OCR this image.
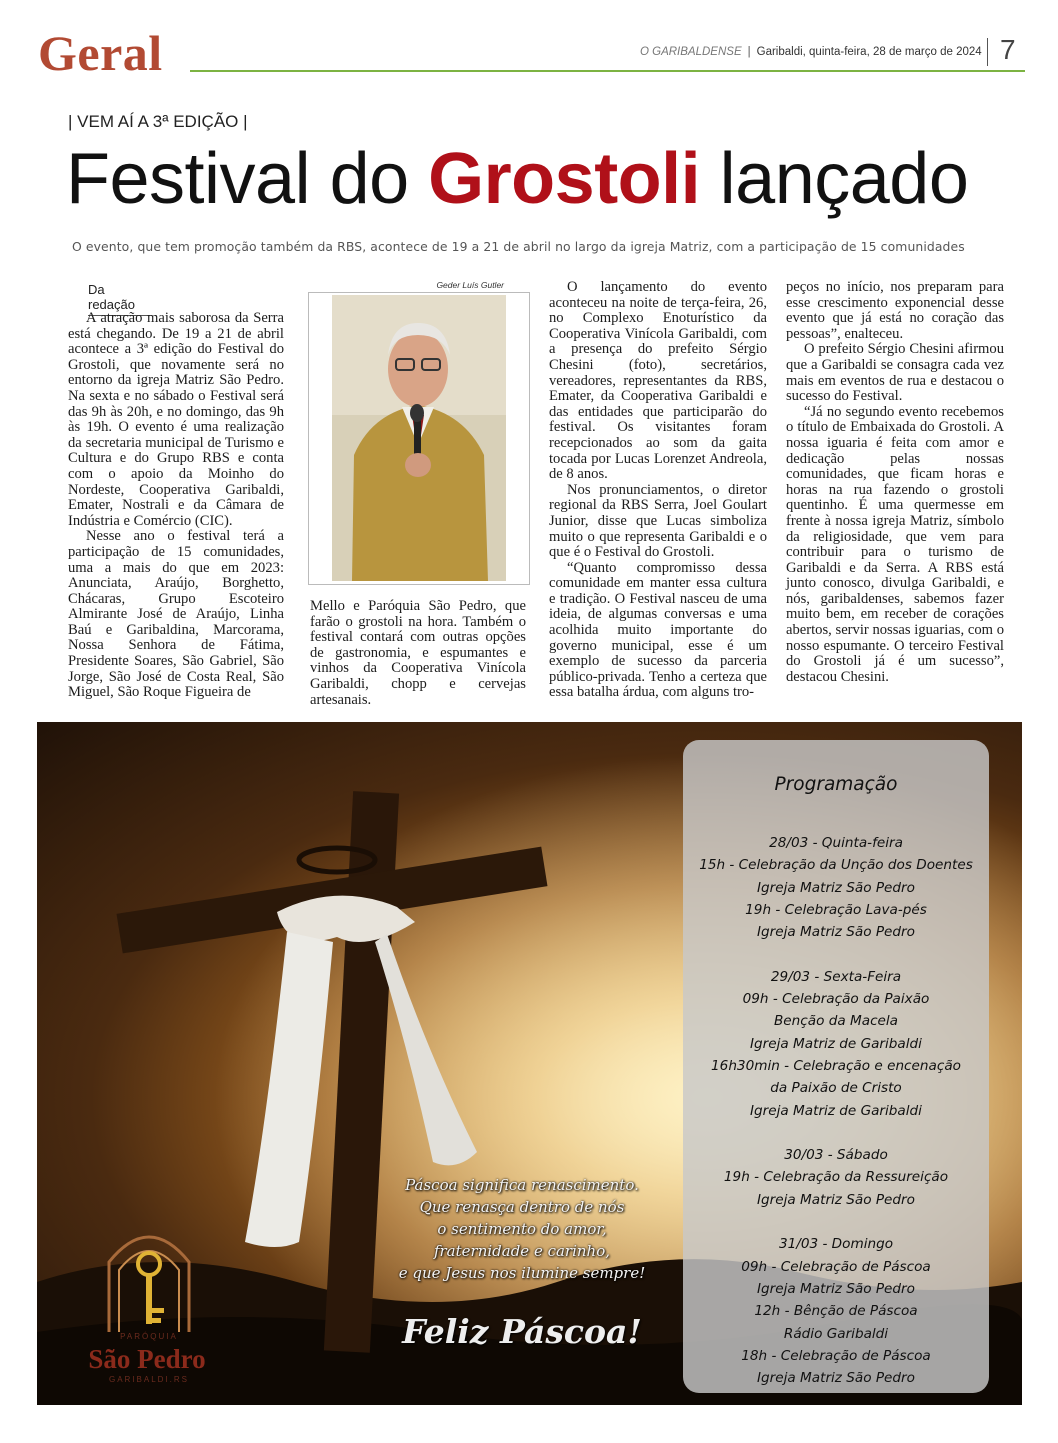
Geral	O GARIBALDENSE | Garibaldi, quinta-feira, 28 de março de 2024 7
| VEM AÍ A 3ª EDIÇÃO |
Festival do Grostoli lançado
O evento, que tem promoção também da RBS, acontece de 19 a 21 de abril no largo da igreja Matriz, com a participação de 15 comunidades
Da redação

A atração mais saborosa da Serra está chegando. De 19 a 21 de abril acontece a 3ª edição do Festival do Grostoli, que novamente será no entorno da igreja Matriz São Pedro. Na sexta e no sábado o Festival será das 9h às 20h, e no domingo, das 9h às 19h. O evento é uma realização da secretaria municipal de Turismo e Cultura e do Grupo RBS e conta com o apoio da Moinho do Nordeste, Cooperativa Garibaldi, Emater, Nostrali e da Câmara de Indústria e Comércio (CIC).

Nesse ano o festival terá a participação de 15 comunidades, uma a mais do que em 2023: Anunciata, Araújo, Borghetto, Chácaras, Grupo Escoteiro Almirante José de Araújo, Linha Baú e Garibaldina, Marcorama, Nossa Senhora de Fátima, Presidente Soares, São Gabriel, São Jorge, São José de Costa Real, São Miguel, São Roque Figueira de

Geder Luís Gutler

Mello e Paróquia São Pedro, que farão o grostoli na hora. Também o festival contará com outras opções de gastronomia, e espumantes e vinhos da Cooperativa Vinícola Garibaldi, chopp e cervejas artesanais.

O lançamento do evento aconteceu na noite de terça-feira, 26, no Complexo Enoturístico da Cooperativa Vinícola Garibaldi, com a presença do prefeito Sérgio Chesini (foto), secretários, vereadores, representantes da RBS, Emater, da Cooperativa Garibaldi e das entidades que participarão do festival. Os visitantes foram recepcionados ao som da gaita tocada por Lucas Lorenzet Andreola, de 8 anos.

Nos pronunciamentos, o diretor regional da RBS Serra, Joel Goulart Junior, disse que Lucas simboliza muito o que representa Garibaldi e o que é o Festival do Grostoli.

“Quanto compromisso dessa comunidade em manter essa cultura e tradição. O Festival nasceu de uma ideia, de algumas conversas e uma acolhida muito importante do governo municipal, esse é um exemplo de sucesso da parceria público-privada. Tenho a certeza que essa batalha árdua, com alguns tro-

peços no início, nos preparam para esse crescimento exponencial desse evento que já está no coração das pessoas”, enalteceu.

O prefeito Sérgio Chesini afirmou que a Garibaldi se consagra cada vez mais em eventos de rua e destacou o sucesso do Festival.

“Já no segundo evento recebemos o título de Embaixada do Grostoli. A nossa iguaria é feita com amor e dedicação pelas nossas comunidades, que ficam horas e horas na rua fazendo o grostoli quentinho. É uma quermesse em frente à nossa igreja Matriz, símbolo da religiosidade, que vem para contribuir para o turismo de Garibaldi e da Serra. A RBS está junto conosco, divulga Garibaldi, e nós, garibaldenses, sabemos fazer muito bem, em receber de corações abertos, servir nossas iguarias, com o nosso espumante. O terceiro Festival do Grostoli já é um sucesso”, destacou Chesini.

Programação
28/03 - Quinta-feira
15h - Celebração da Unção dos Doentes
Igreja Matriz São Pedro
19h - Celebração Lava-pés
Igreja Matriz São Pedro
29/03 - Sexta-Feira
09h - Celebração da Paixão
Benção da Macela
Igreja Matriz de Garibaldi
16h30min - Celebração e encenação
da Paixão de Cristo
Igreja Matriz de Garibaldi
30/03 - Sábado
19h - Celebração da Ressureição
Igreja Matriz São Pedro
31/03 - Domingo
09h - Celebração de Páscoa
Igreja Matriz São Pedro
12h - Bênção de Páscoa
Rádio Garibaldi
18h - Celebração de Páscoa
Igreja Matriz São Pedro
Páscoa significa renascimento.
Que renasça dentro de nós
o sentimento do amor,
fraternidade e carinho,
e que Jesus nos ilumine sempre!
Feliz Páscoa!
PARÓQUIA
São Pedro
GARIBALDI.RS
